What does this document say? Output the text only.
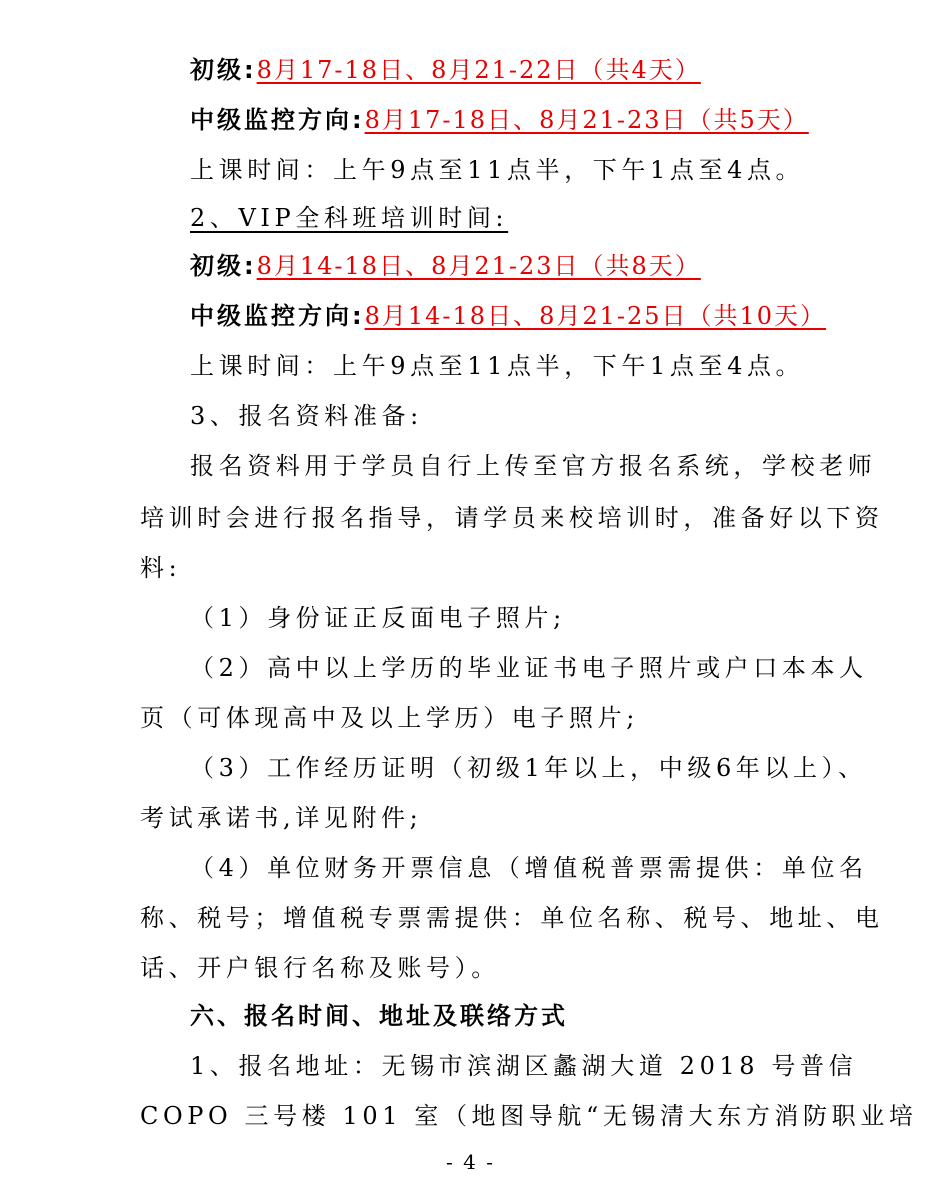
初级:8月17-18日、8月21-22日（共4天）
中级监控方向:8月17-18日、8月21-23日（共5天）
上课时间：上午9点至11点半，下午1点至4点。
2、VIP全科班培训时间:
初级:8月14-18日、8月21-23日（共8天）
中级监控方向:8月14-18日、8月21-25日（共10天）
上课时间：上午9点至11点半，下午1点至4点。
3、报名资料准备:
报名资料用于学员自行上传至官方报名系统，学校老师
培训时会进行报名指导，请学员来校培训时，准备好以下资
料:
（1）身份证正反面电子照片;
（2）高中以上学历的毕业证书电子照片或户口本本人
页（可体现高中及以上学历）电子照片;
（3）工作经历证明（初级1年以上，中级6年以上）、
考试承诺书,详见附件;
（4）单位财务开票信息（增值税普票需提供：单位名
称、税号；增值税专票需提供：单位名称、税号、地址、电
话、开户银行名称及账号）。
六、报名时间、地址及联络方式
1、报名地址：无锡市滨湖区蠡湖大道 2018 号普信
COPO 三号楼 101 室（地图导航“无锡清大东方消防职业培
- 4 -
